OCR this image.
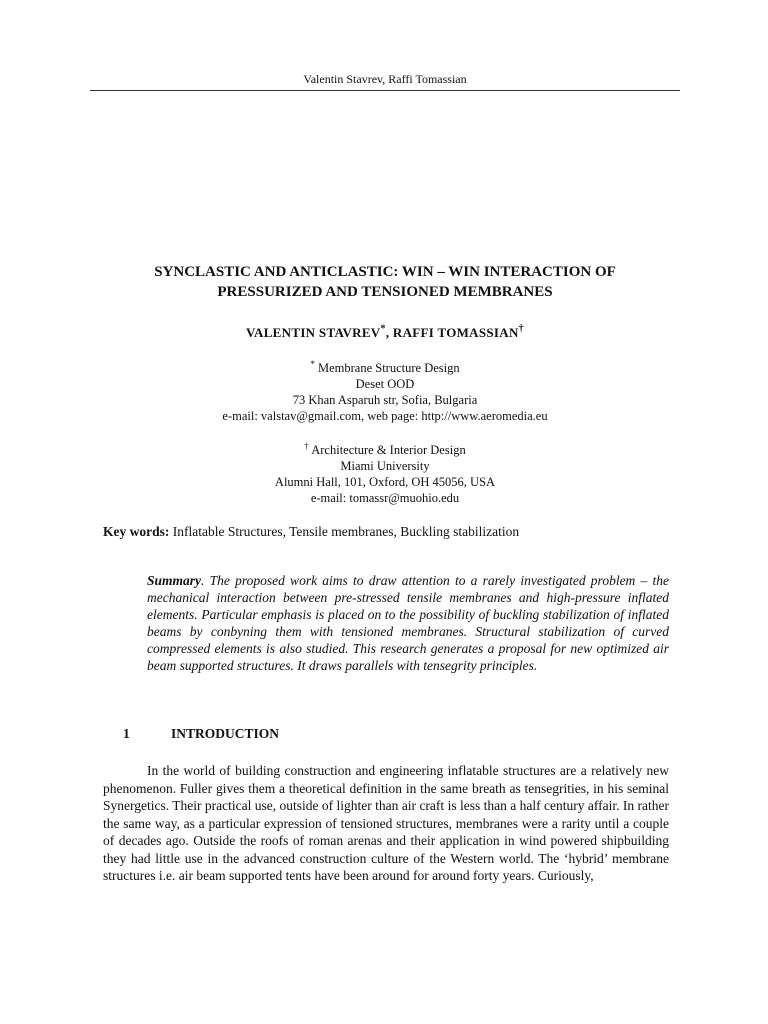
Valentin Stavrev, Raffi Tomassian
SYNCLASTIC AND ANTICLASTIC: WIN – WIN INTERACTION OF
PRESSURIZED AND TENSIONED MEMBRANES
VALENTIN STAVREV*, RAFFI TOMASSIAN†
* Membrane Structure Design
Deset OOD
73 Khan Asparuh str, Sofia, Bulgaria
e-mail: valstav@gmail.com, web page: http://www.aeromedia.eu
† Architecture & Interior Design
Miami University
Alumni Hall, 101, Oxford, OH 45056, USA
e-mail: tomassr@muohio.edu
Key words: Inflatable Structures, Tensile membranes, Buckling stabilization
Summary. The proposed work aims to draw attention to a rarely investigated problem – the mechanical interaction between pre-stressed tensile membranes and high-pressure inflated elements. Particular emphasis is placed on to the possibility of buckling stabilization of inflated beams by conbyning them with tensioned membranes. Structural stabilization of curved compressed elements is also studied. This research generates a proposal for new optimized air beam supported structures. It draws parallels with tensegrity principles.
1	INTRODUCTION
In the world of building construction and engineering inflatable structures are a relatively new phenomenon. Fuller gives them a theoretical definition in the same breath as tensegrities, in his seminal Synergetics. Their practical use, outside of lighter than air craft is less than a half century affair. In rather the same way, as a particular expression of tensioned structures, membranes were a rarity until a couple of decades ago. Outside the roofs of roman arenas and their application in wind powered shipbuilding they had little use in the advanced construction culture of the Western world. The ‘hybrid’ membrane structures i.e. air beam supported tents have been around for around forty years. Curiously,
